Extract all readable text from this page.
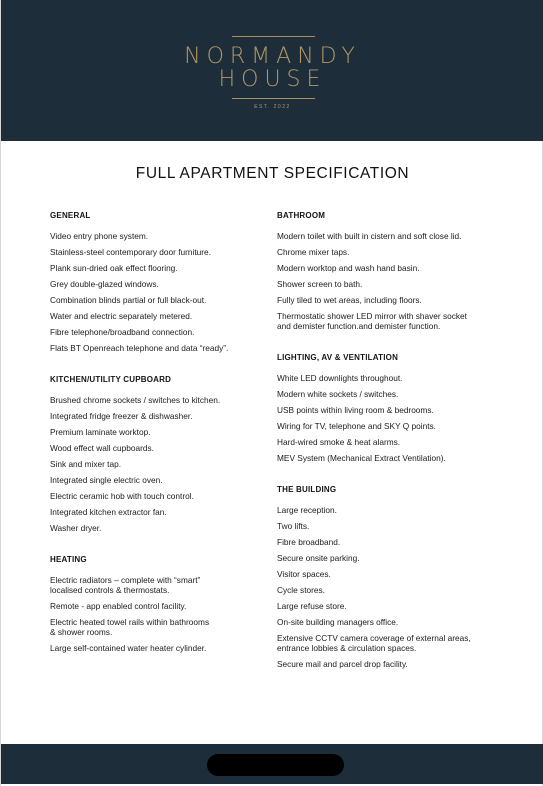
NORMANDY
HOUSE
EST. 2022
FULL APARTMENT SPECIFICATION
GENERAL
Video entry phone system.
Stainless-steel contemporary door furniture.
Plank sun-dried oak effect flooring.
Grey double-glazed windows.
Combination blinds partial or full black-out.
Water and electric separately metered.
Fibre telephone/broadband connection.
Flats BT Openreach telephone and data “ready”.
KITCHEN/UTILITY CUPBOARD
Brushed chrome sockets / switches to kitchen.
Integrated fridge freezer & dishwasher.
Premium laminate worktop.
Wood effect wall cupboards.
Sink and mixer tap.
Integrated single electric oven.
Electric ceramic hob with touch control.
Integrated kitchen extractor fan.
Washer dryer.
HEATING
Electric radiators – complete with “smart”
localised controls & thermostats.
Remote - app enabled control facility.
Electric heated towel rails within bathrooms
& shower rooms.
Large self-contained water heater cylinder.
BATHROOM
Modern toilet with built in cistern and soft close lid.
Chrome mixer taps.
Modern worktop and wash hand basin.
Shower screen to bath.
Fully tiled to wet areas, including floors.
Thermostatic shower LED mirror with shaver socket
and demister function.and demister function.
LIGHTING, AV & VENTILATION
White LED downlights throughout.
Modern white sockets / switches.
USB points within living room & bedrooms.
Wiring for TV, telephone and SKY Q points.
Hard-wired smoke & heat alarms.
MEV System (Mechanical Extract Ventilation).
THE BUILDING
Large reception.
Two lifts.
Fibre broadband.
Secure onsite parking.
Visitor spaces.
Cycle stores.
Large refuse store.
On-site building managers office.
Extensive CCTV camera coverage of external areas,
entrance lobbies & circulation spaces.
Secure mail and parcel drop facility.
